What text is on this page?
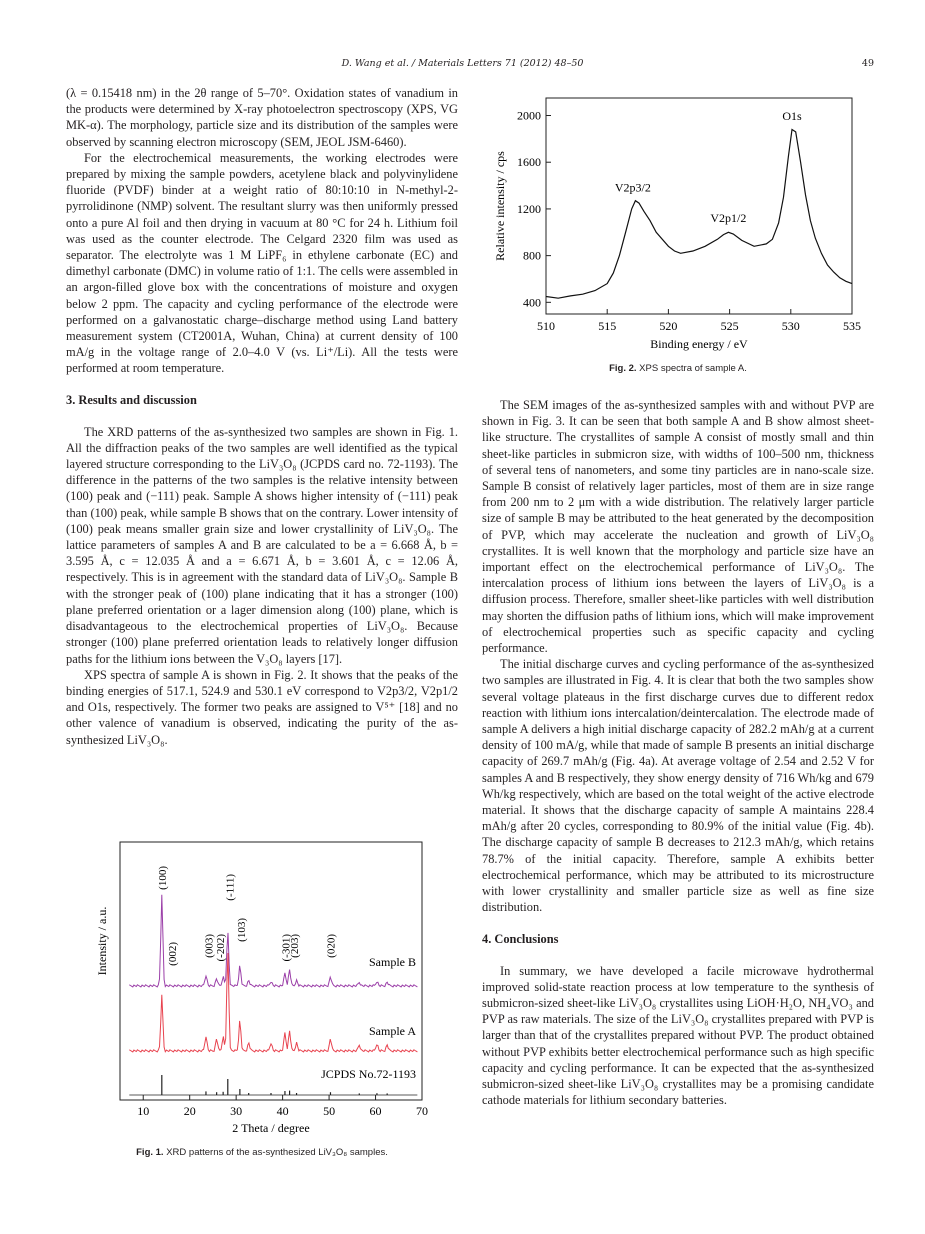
D. Wang et al. / Materials Letters 71 (2012) 48–50	49

(λ = 0.15418 nm) in the 2θ range of 5–70°. Oxidation states of vanadium in the products were determined by X-ray photoelectron spectroscopy (XPS, VG MK-α). The morphology, particle size and its distribution of the samples were observed by scanning electron microscopy (SEM, JEOL JSM-6460).

For the electrochemical measurements, the working electrodes were prepared by mixing the sample powders, acetylene black and polyvinylidene fluoride (PVDF) binder at a weight ratio of 80:10:10 in N-methyl-2-pyrrolidinone (NMP) solvent. The resultant slurry was then uniformly pressed onto a pure Al foil and then drying in vacuum at 80 °C for 24 h. Lithium foil was used as the counter electrode. The Celgard 2320 film was used as separator. The electrolyte was 1 M LiPF₆ in ethylene carbonate (EC) and dimethyl carbonate (DMC) in volume ratio of 1:1. The cells were assembled in an argon-filled glove box with the concentrations of moisture and oxygen below 2 ppm. The capacity and cycling performance of the electrode were performed on a galvanostatic charge–discharge method using Land battery measurement system (CT2001A, Wuhan, China) at current density of 100 mA/g in the voltage range of 2.0–4.0 V (vs. Li⁺/Li). All the tests were performed at room temperature.

3. Results and discussion

The XRD patterns of the as-synthesized two samples are shown in Fig. 1. All the diffraction peaks of the two samples are well identified as the typical layered structure corresponding to the LiV₃O₈ (JCPDS card no. 72-1193). The difference in the patterns of the two samples is the relative intensity between (100) peak and (−111) peak. Sample A shows higher intensity of (−111) peak than (100) peak, while sample B shows that on the contrary. Lower intensity of (100) peak means smaller grain size and lower crystallinity of LiV₃O₈. The lattice parameters of samples A and B are calculated to be a = 6.668 Å, b = 3.595 Å, c = 12.035 Å and a = 6.671 Å, b = 3.601 Å, c = 12.06 Å, respectively. This is in agreement with the standard data of LiV₃O₈. Sample B with the stronger peak of (100) plane indicating that it has a stronger (100) plane preferred orientation or a lager dimension along (100) plane, which is disadvantageous to the electrochemical properties of LiV₃O₈. Because stronger (100) plane preferred orientation leads to relatively longer diffusion paths for the lithium ions between the V₃O₈ layers [17].

XPS spectra of sample A is shown in Fig. 2. It shows that the peaks of the binding energies of 517.1, 524.9 and 530.1 eV correspond to V2p3/2, V2p1/2 and O1s, respectively. The former two peaks are assigned to V⁵⁺ [18] and no other valence of vanadium is observed, indicating the purity of the as-synthesized LiV₃O₈.

10	20	30	40	50	60	70
Sample B
Sample A
JCPDS No.72-1193
(100)
(002) (003) (-202)
(-111)
(103)
(-301)
(203) (020)
2 Theta / degree
Intensity / a.u.
Fig. 1. XRD patterns of the as-synthesized LiV₃O₈ samples.
510	515	520	525	530	535
400
800
1200
1600
2000
V2p3/2
V2p1/2
O1s
Binding energy / eV
Relative intensity / cps
Fig. 2. XPS spectra of sample A.

The SEM images of the as-synthesized samples with and without PVP are shown in Fig. 3. It can be seen that both sample A and B show almost sheet-like structure. The crystallites of sample A consist of mostly small and thin sheet-like particles in submicron size, with widths of 100–500 nm, thickness of several tens of nanometers, and some tiny particles are in nano-scale size. Sample B consist of relatively lager particles, most of them are in size range from 200 nm to 2 μm with a wide distribution. The relatively larger particle size of sample B may be attributed to the heat generated by the decomposition of PVP, which may accelerate the nucleation and growth of LiV₃O₈ crystallites. It is well known that the morphology and particle size have an important effect on the electrochemical performance of LiV₃O₈. The intercalation process of lithium ions between the layers of LiV₃O₈ is a diffusion process. Therefore, smaller sheet-like particles with well distribution may shorten the diffusion paths of lithium ions, which will make improvement of electrochemical properties such as specific capacity and cycling performance.

The initial discharge curves and cycling performance of the as-synthesized two samples are illustrated in Fig. 4. It is clear that both the two samples show several voltage plateaus in the first discharge curves due to different redox reaction with lithium ions intercalation/deintercalation. The electrode made of sample A delivers a high initial discharge capacity of 282.2 mAh/g at a current density of 100 mA/g, while that made of sample B presents an initial discharge capacity of 269.7 mAh/g (Fig. 4a). At average voltage of 2.54 and 2.52 V for samples A and B respectively, they show energy density of 716 Wh/kg and 679 Wh/kg respectively, which are based on the total weight of the active electrode material. It shows that the discharge capacity of sample A maintains 228.4 mAh/g after 20 cycles, corresponding to 80.9% of the initial value (Fig. 4b). The discharge capacity of sample B decreases to 212.3 mAh/g, which retains 78.7% of the initial capacity. Therefore, sample A exhibits better electrochemical performance, which may be attributed to its microstructure with lower crystallinity and smaller particle size as well as fine size distribution.

4. Conclusions

In summary, we have developed a facile microwave hydrothermal improved solid-state reaction process at low temperature to the synthesis of submicron-sized sheet-like LiV₃O₈ crystallites using LiOH·H₂O, NH₄VO₃ and PVP as raw materials. The size of the LiV₃O₈ crystallites prepared with PVP is larger than that of the crystallites prepared without PVP. The product obtained without PVP exhibits better electrochemical performance such as high specific capacity and cycling performance. It can be expected that the as-synthesized submicron-sized sheet-like LiV₃O₈ crystallites may be a promising candidate cathode materials for lithium secondary batteries.
